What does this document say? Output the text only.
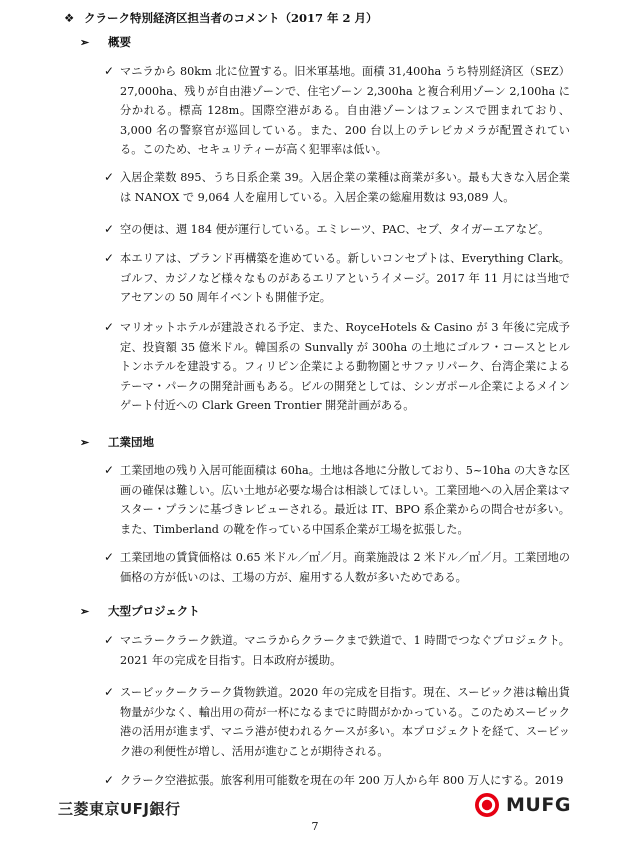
❖ クラーク特別経済区担当者のコメント（2017 年 2 月）
➢ 概要
✓ マニラから 80km 北に位置する。旧米軍基地。面積 31,400ha うち特別経済区（SEZ）27,000ha、残りが自由港ゾーンで、住宅ゾーン 2,300ha と複合利用ゾーン 2,100ha に分かれる。標高 128m。国際空港がある。自由港ゾーンはフェンスで囲まれており、3,000 名の警察官が巡回している。また、200 台以上のテレビカメラが配置されている。このため、セキュリティーが高く犯罪率は低い。
✓ 入居企業数 895、うち日系企業 39。入居企業の業種は商業が多い。最も大きな入居企業は NANOX で 9,064 人を雇用している。入居企業の総雇用数は 93,089 人。
✓ 空の便は、週 184 便が運行している。エミレーツ、PAC、セブ、タイガーエアなど。
✓ 本エリアは、ブランド再構築を進めている。新しいコンセプトは、Everything Clark。ゴルフ、カジノなど様々なものがあるエリアというイメージ。2017 年 11 月には当地でアセアンの 50 周年イベントも開催予定。
✓ マリオットホテルが建設される予定、また、RoyceHotels & Casino が 3 年後に完成予定、投資額 35 億米ドル。韓国系の Sunvally が 300ha の土地にゴルフ・コースとヒルトンホテルを建設する。フィリピン企業による動物園とサファリパーク、台湾企業によるテーマ・パークの開発計画もある。ビルの開発としては、シンガポール企業によるメインゲート付近への Clark Green Trontier 開発計画がある。
➢ 工業団地
✓ 工業団地の残り入居可能面積は 60ha。土地は各地に分散しており、5~10ha の大きな区画の確保は難しい。広い土地が必要な場合は相談してほしい。工業団地への入居企業はマスター・プランに基づきレビューされる。最近は IT、BPO 系企業からの問合せが多い。また、Timberland の靴を作っている中国系企業が工場を拡張した。
✓ 工業団地の賃貸価格は 0.65 米ドル／㎡／月。商業施設は 2 米ドル／㎡／月。工業団地の価格の方が低いのは、工場の方が、雇用する人数が多いためである。
➢ 大型プロジェクト
✓ マニラークラーク鉄道。マニラからクラークまで鉄道で、1 時間でつなぐプロジェクト。2021 年の完成を目指す。日本政府が援助。
✓ スービックークラーク貨物鉄道。2020 年の完成を目指す。現在、スービック港は輸出貨物量が少なく、輸出用の荷が一杯になるまでに時間がかかっている。このためスービック港の活用が進まず、マニラ港が使われるケースが多い。本プロジェクトを経て、スービック港の利便性が増し、活用が進むことが期待される。
✓ クラーク空港拡張。旅客利用可能数を現在の年 200 万人から年 800 万人にする。2019
三菱東京UFJ銀行	MUFG
7
